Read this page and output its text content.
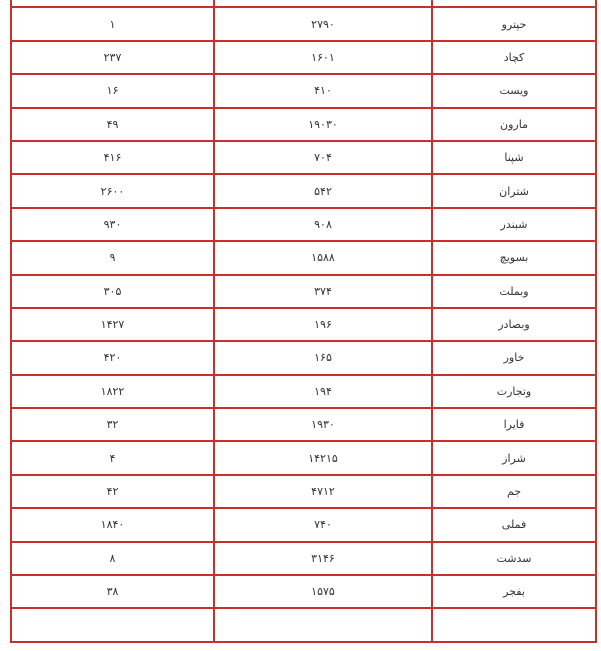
۱	۲۷۹۰	حپترو
۲۳۷	۱۶۰۱	کچاد
۱۶	۴۱۰	ویست
۴۹	۱۹۰۳۰	مارون
۴۱۶	۷۰۴	شپنا
۲۶۰۰	۵۴۲	شتران
۹۳۰	۹۰۸	شبندر
۹	۱۵۸۸	بسویچ
۳۰۵	۳۷۴	وبملت
۱۴۲۷	۱۹۶	وبصادر
۴۲۰	۱۶۵	خاور
۱۸۲۲	۱۹۴	وتجارت
۳۲	۱۹۳۰	فایرا
۴	۱۴۲۱۵	شراز
۴۲	۴۷۱۲	جم
۱۸۴۰	۷۴۰	فملی
۸	۳۱۴۶	سدشت
۳۸	۱۵۷۵	بفجر
